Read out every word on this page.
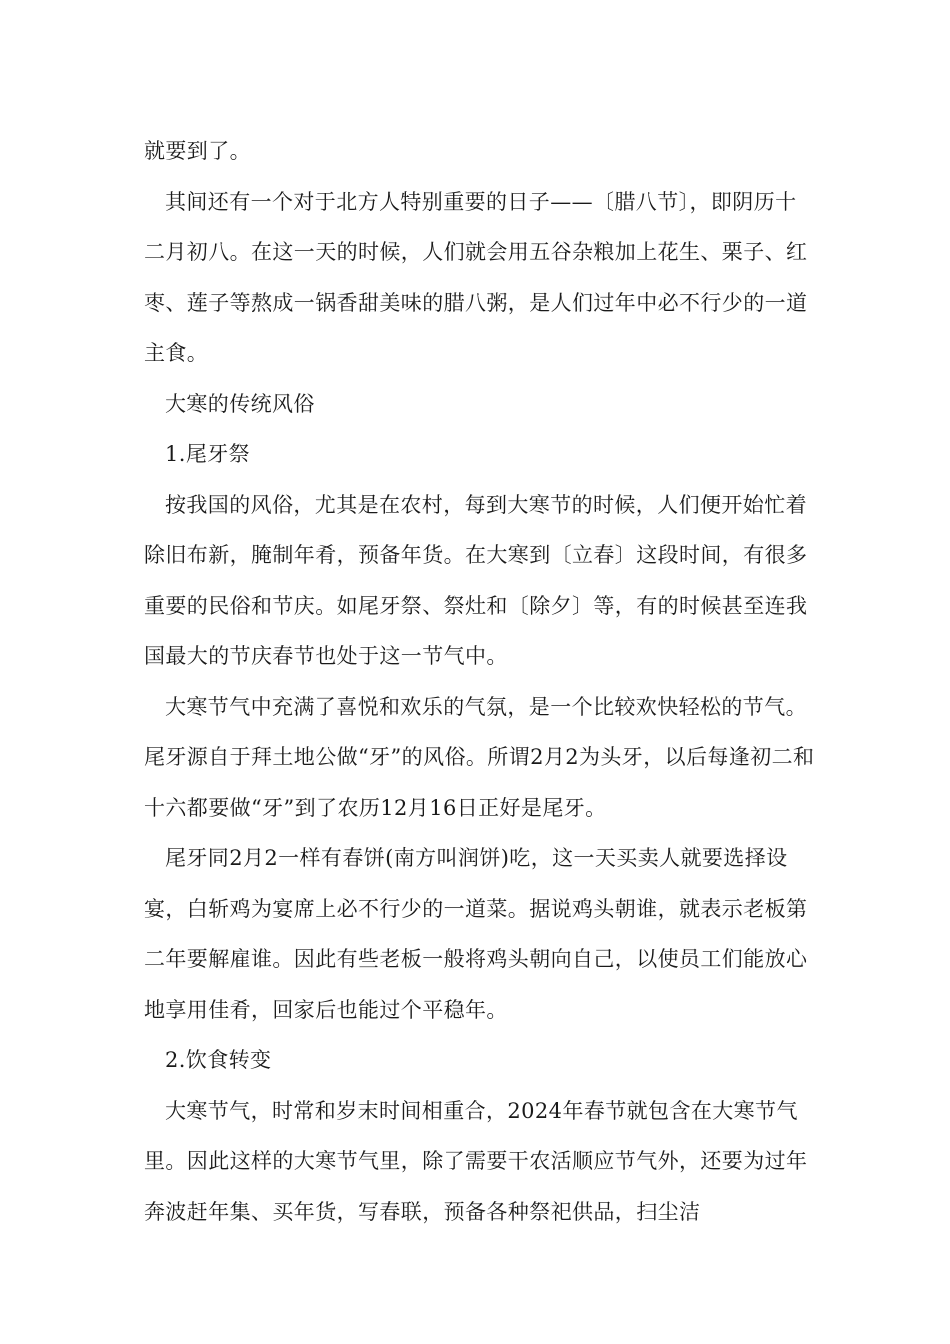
就要到了。

其间还有一个对于北方人特别重要的日子——〔腊八节〕，即阴历十二月初八。在这一天的时候，人们就会用五谷杂粮加上花生、栗子、红枣、莲子等熬成一锅香甜美味的腊八粥，是人们过年中必不行少的一道主食。

大寒的传统风俗

1.尾牙祭

按我国的风俗，尤其是在农村，每到大寒节的时候，人们便开始忙着除旧布新，腌制年肴，预备年货。在大寒到〔立春〕这段时间，有很多重要的民俗和节庆。如尾牙祭、祭灶和〔除夕〕等，有的时候甚至连我国最大的节庆春节也处于这一节气中。

大寒节气中充满了喜悦和欢乐的气氛，是一个比较欢快轻松的节气。尾牙源自于拜土地公做“牙”的风俗。所谓2月2为头牙，以后每逢初二和十六都要做“牙”到了农历12月16日正好是尾牙。

尾牙同2月2一样有春饼(南方叫润饼)吃，这一天买卖人就要选择设宴，白斩鸡为宴席上必不行少的一道菜。据说鸡头朝谁，就表示老板第二年要解雇谁。因此有些老板一般将鸡头朝向自己，以使员工们能放心地享用佳肴，回家后也能过个平稳年。

2.饮食转变

大寒节气，时常和岁末时间相重合，2024年春节就包含在大寒节气里。因此这样的大寒节气里，除了需要干农活顺应节气外，还要为过年奔波赶年集、买年货，写春联，预备各种祭祀供品，扫尘洁
